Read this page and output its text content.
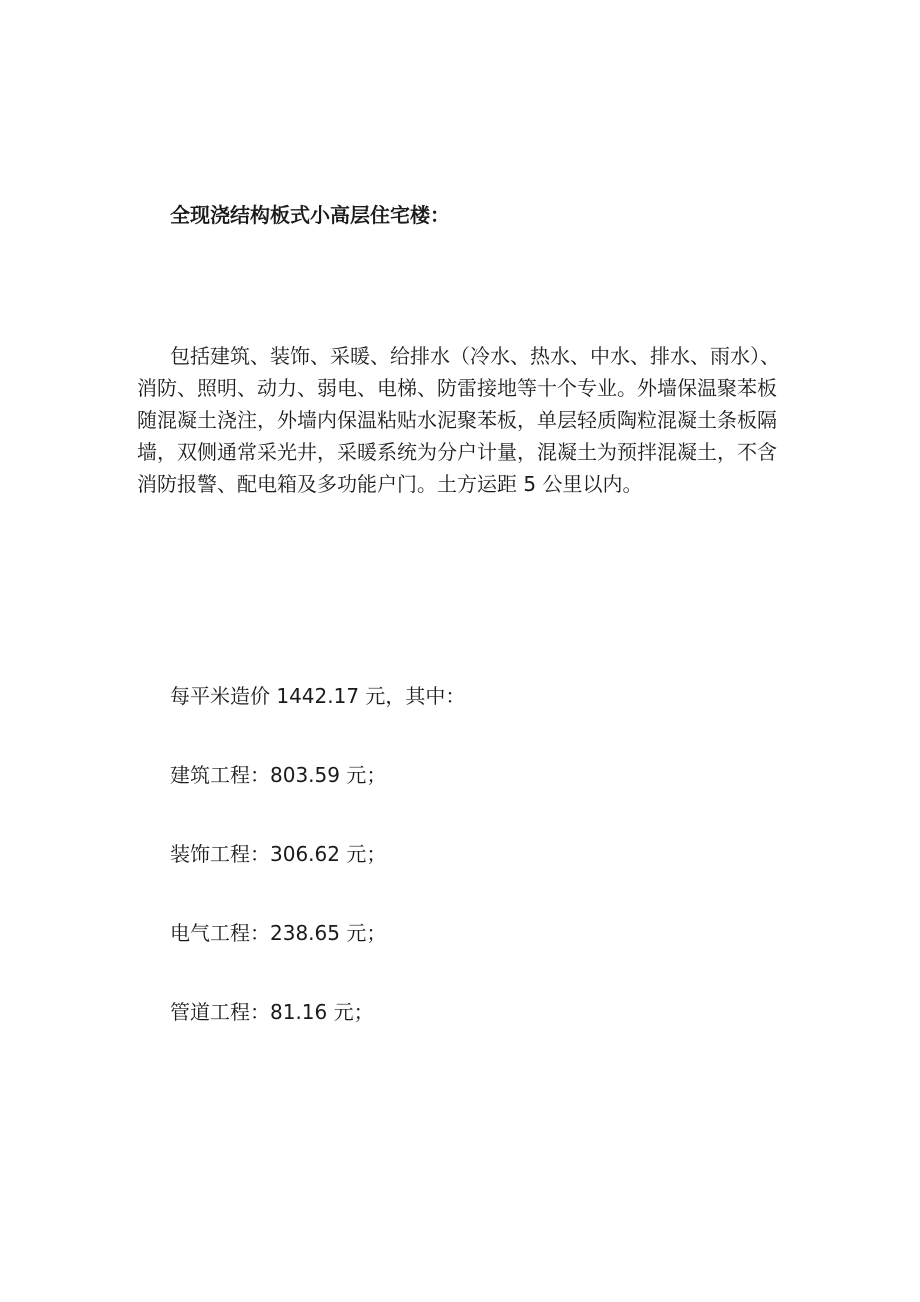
全现浇结构板式小高层住宅楼：

包括建筑、装饰、采暖、给排水（冷水、热水、中水、排水、雨水）、
消防、照明、动力、弱电、电梯、防雷接地等十个专业。外墙保温聚苯板
随混凝土浇注，外墙内保温粘贴水泥聚苯板，单层轻质陶粒混凝土条板隔
墙，双侧通常采光井，采暖系统为分户计量，混凝土为预拌混凝土，不含
消防报警、配电箱及多功能户门。土方运距 5 公里以内。

每平米造价 1442.17 元，其中：
建筑工程：803.59 元；
装饰工程：306.62 元；
电气工程：238.65 元；
管道工程：81.16 元；
